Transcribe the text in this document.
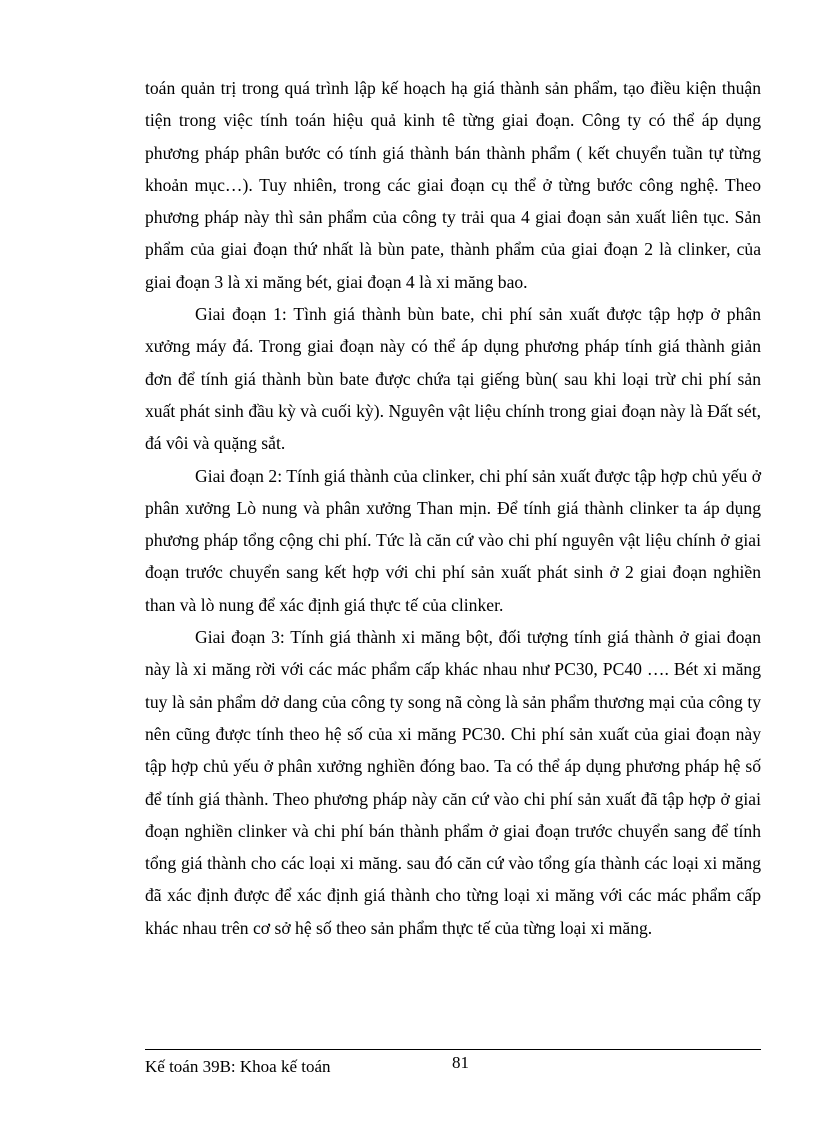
toán quản trị trong quá trình lập kế hoạch hạ giá thành sản phẩm, tạo điều kiện thuận tiện trong việc tính toán hiệu quả kinh tê từng giai đoạn. Công ty có thể áp dụng phương pháp phân bước có tính giá thành bán thành phẩm ( kết chuyển tuần tự từng khoản mục…). Tuy nhiên, trong các giai đoạn cụ thể ở từng bước công nghệ. Theo phương pháp này thì sản phẩm của công ty trải qua 4 giai đoạn sản xuất liên tục. Sản phẩm của giai đoạn thứ nhất là bùn pate, thành phẩm của giai đoạn 2 là clinker, của giai đoạn 3 là xi măng bét, giai đoạn 4 là xi măng bao.

Giai đoạn 1: Tình giá thành bùn bate, chi phí sản xuất được tập hợp ở phân xưởng máy đá. Trong giai đoạn này có thể áp dụng phương pháp tính giá thành giản đơn để tính giá thành bùn bate được chứa tại giếng bùn( sau khi loại trừ chi phí sản xuất phát sinh đầu kỳ và cuối kỳ). Nguyên vật liệu chính trong giai đoạn này là Đất sét, đá vôi và quặng sắt.

Giai đoạn 2: Tính giá thành của clinker, chi phí sản xuất được tập hợp chủ yếu ở phân xưởng Lò nung và phân xưởng Than mịn. Để tính giá thành clinker ta áp dụng phương pháp tổng cộng chi phí. Tức là căn cứ vào chi phí nguyên vật liệu chính ở giai đoạn trước chuyển sang kết hợp với chi phí sản xuất phát sinh ở 2 giai đoạn nghiền than và lò nung để xác định giá thực tế của clinker.

Giai đoạn 3: Tính giá thành xi măng bột, đối tượng tính giá thành ở giai đoạn này là xi măng rời với các mác phẩm cấp khác nhau như PC30, PC40 …. Bét xi măng tuy là sản phẩm dở dang của công ty song nã còng là sản phẩm thương mại của công ty nên cũng được tính theo hệ số của xi măng PC30. Chi phí sản xuất của giai đoạn này tập hợp chủ yếu ở phân xưởng nghiền đóng bao. Ta có thể áp dụng phương pháp hệ số để tính giá thành. Theo phương pháp này căn cứ vào chi phí sản xuất đã tập hợp ở giai đoạn nghiền clinker và chi phí bán thành phẩm ở giai đoạn trước chuyển sang để tính tổng giá thành cho các loại xi măng. sau đó căn cứ vào tổng gía thành các loại xi măng đã xác định được để xác định giá thành cho từng loại xi măng với các mác phẩm cấp khác nhau trên cơ sở hệ số theo sản phẩm thực tế của từng loại xi măng.

Kế toán 39B: Khoa kế toán	81
